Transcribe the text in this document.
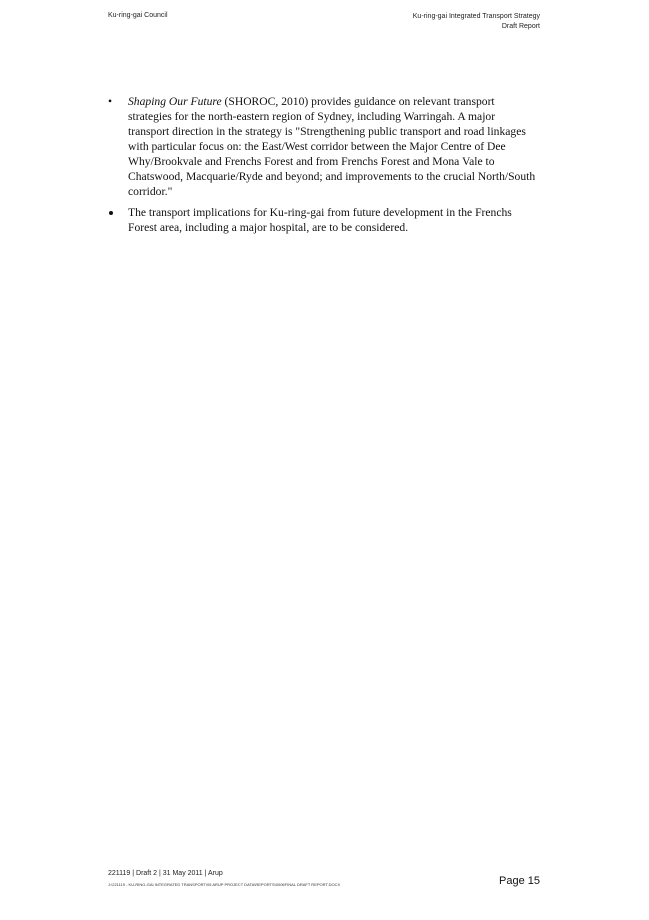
Ku-ring-gai Council	Ku-ring-gai Integrated Transport Strategy
Draft Report
• Shaping Our Future (SHOROC, 2010) provides guidance on relevant transport strategies for the north-eastern region of Sydney, including Warringah. A major transport direction in the strategy is "Strengthening public transport and road linkages with particular focus on: the East/West corridor between the Major Centre of Dee Why/Brookvale and Frenchs Forest and from Frenchs Forest and Mona Vale to Chatswood, Macquarie/Ryde and beyond; and improvements to the crucial North/South corridor."
The transport implications for Ku-ring-gai from future development in the Frenchs Forest area, including a major hospital, are to be considered.
221119 | Draft 2 | 31 May 2011 | Arup
J:\221119 - KU-RING-GAI INTEGRATED TRANSPORT\05 ARUP PROJECT DATA\REPORTS\0006FINAL DRAFT REPORT.DOCX	Page 15
